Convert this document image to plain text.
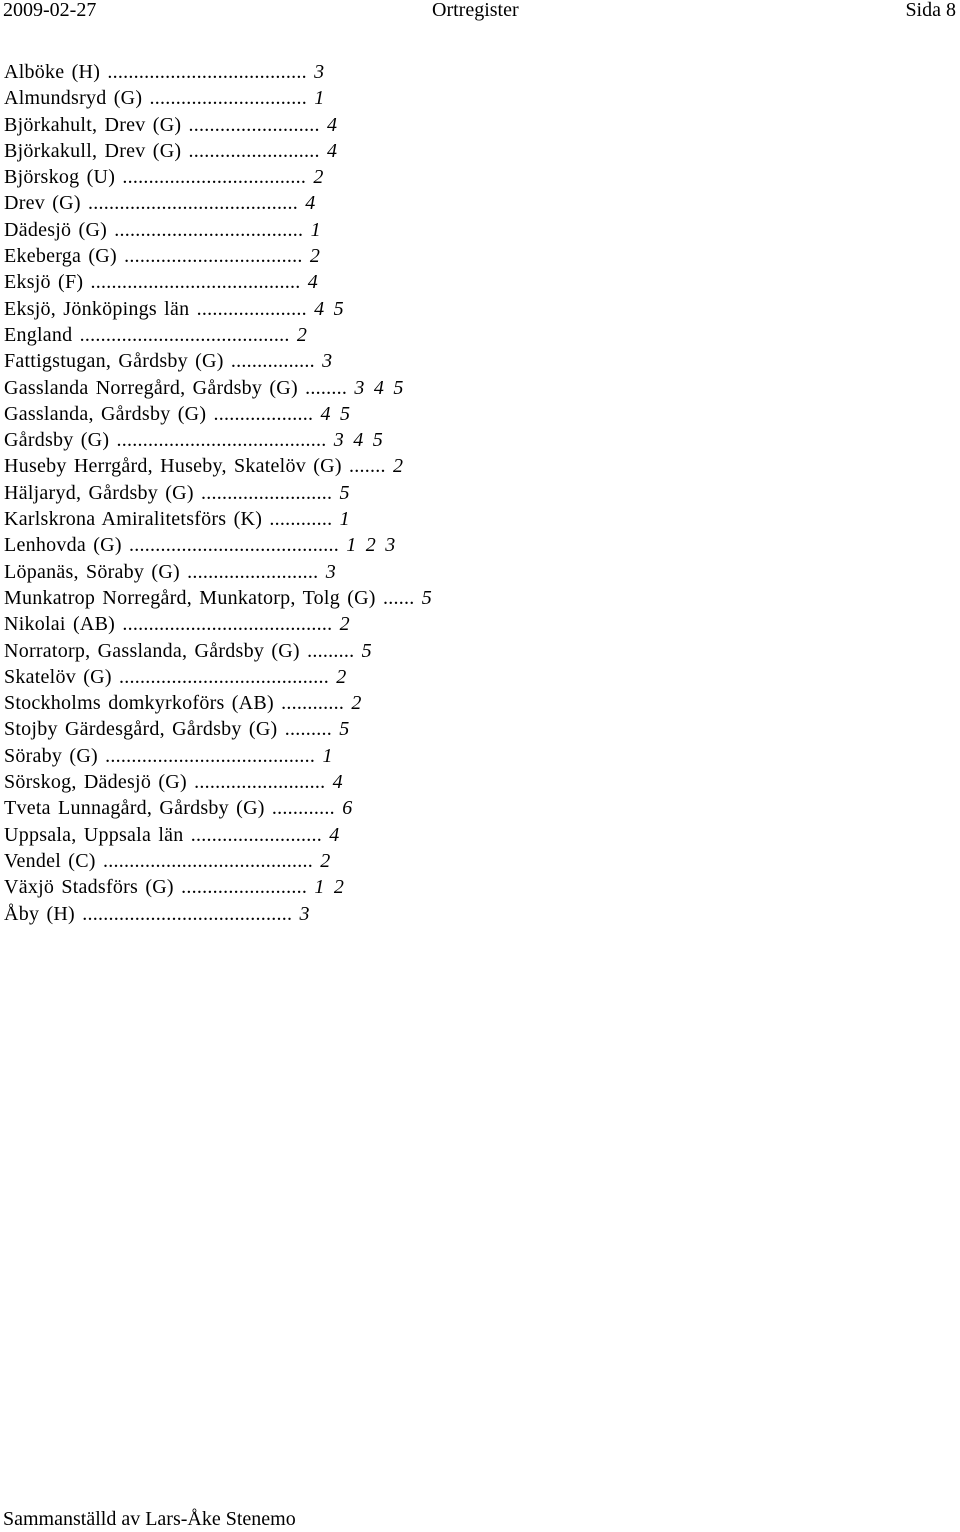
2009-02-27	Ortregister	Sida 8
Alböke (H) ...................................... 3
Almundsryd (G) .............................. 1
Björkahult, Drev (G) ......................... 4
Björkakull, Drev (G) ......................... 4
Björskog (U) ................................... 2
Drev (G) ........................................ 4
Dädesjö (G) .................................... 1
Ekeberga (G) .................................. 2
Eksjö (F) ........................................ 4
Eksjö, Jönköpings län ..................... 4 5
England ........................................ 2
Fattigstugan, Gårdsby (G) ................ 3
Gasslanda Norregård, Gårdsby (G) ........ 3 4 5
Gasslanda, Gårdsby (G) ................... 4 5
Gårdsby (G) ........................................ 3 4 5
Huseby Herrgård, Huseby, Skatelöv (G) ....... 2
Häljaryd, Gårdsby (G) ......................... 5
Karlskrona Amiralitetsförs (K) ............ 1
Lenhovda (G) ........................................ 1 2 3
Löpanäs, Söraby (G) ......................... 3
Munkatrop Norregård, Munkatorp, Tolg (G) ...... 5
Nikolai (AB) ........................................ 2
Norratorp, Gasslanda, Gårdsby (G) ......... 5
Skatelöv (G) ........................................ 2
Stockholms domkyrkoförs (AB) ............ 2
Stojby Gärdesgård, Gårdsby (G) ......... 5
Söraby (G) ........................................ 1
Sörskog, Dädesjö (G) ......................... 4
Tveta Lunnagård, Gårdsby (G) ............ 6
Uppsala, Uppsala län ......................... 4
Vendel (C) ........................................ 2
Växjö Stadsförs (G) ........................ 1 2
Åby (H) ........................................ 3
Sammanställd av Lars-Åke Stenemo
